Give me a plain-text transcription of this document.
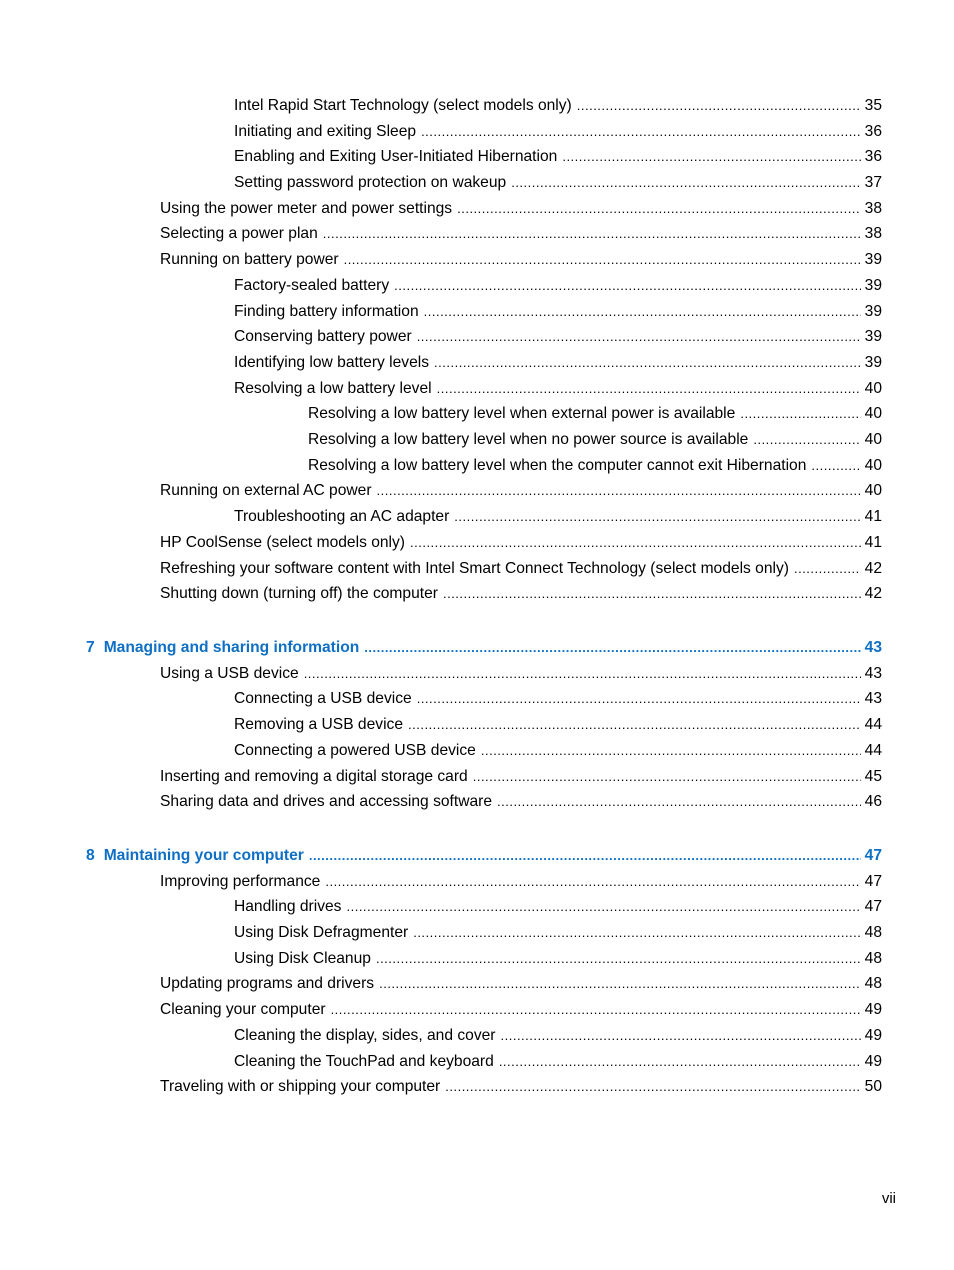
Intel Rapid Start Technology (select models only) .....	35
Initiating and exiting Sleep .....	36
Enabling and Exiting User-Initiated Hibernation .....	36
Setting password protection on wakeup .....	37
Using the power meter and power settings .....	38
Selecting a power plan .....	38
Running on battery power .....	39
Factory-sealed battery .....	39
Finding battery information .....	39
Conserving battery power .....	39
Identifying low battery levels .....	39
Resolving a low battery level .....	40
Resolving a low battery level when external power is available .....	40
Resolving a low battery level when no power source is available .....	40
Resolving a low battery level when the computer cannot exit Hibernation .....	40
Running on external AC power .....	40
Troubleshooting an AC adapter .....	41
HP CoolSense (select models only) .....	41
Refreshing your software content with Intel Smart Connect Technology (select models only) .....	42
Shutting down (turning off) the computer .....	42
7 Managing and sharing information .....	43
Using a USB device .....	43
Connecting a USB device .....	43
Removing a USB device .....	44
Connecting a powered USB device .....	44
Inserting and removing a digital storage card .....	45
Sharing data and drives and accessing software .....	46
8 Maintaining your computer .....	47
Improving performance .....	47
Handling drives .....	47
Using Disk Defragmenter .....	48
Using Disk Cleanup .....	48
Updating programs and drivers .....	48
Cleaning your computer .....	49
Cleaning the display, sides, and cover .....	49
Cleaning the TouchPad and keyboard .....	49
Traveling with or shipping your computer .....	50
vii
